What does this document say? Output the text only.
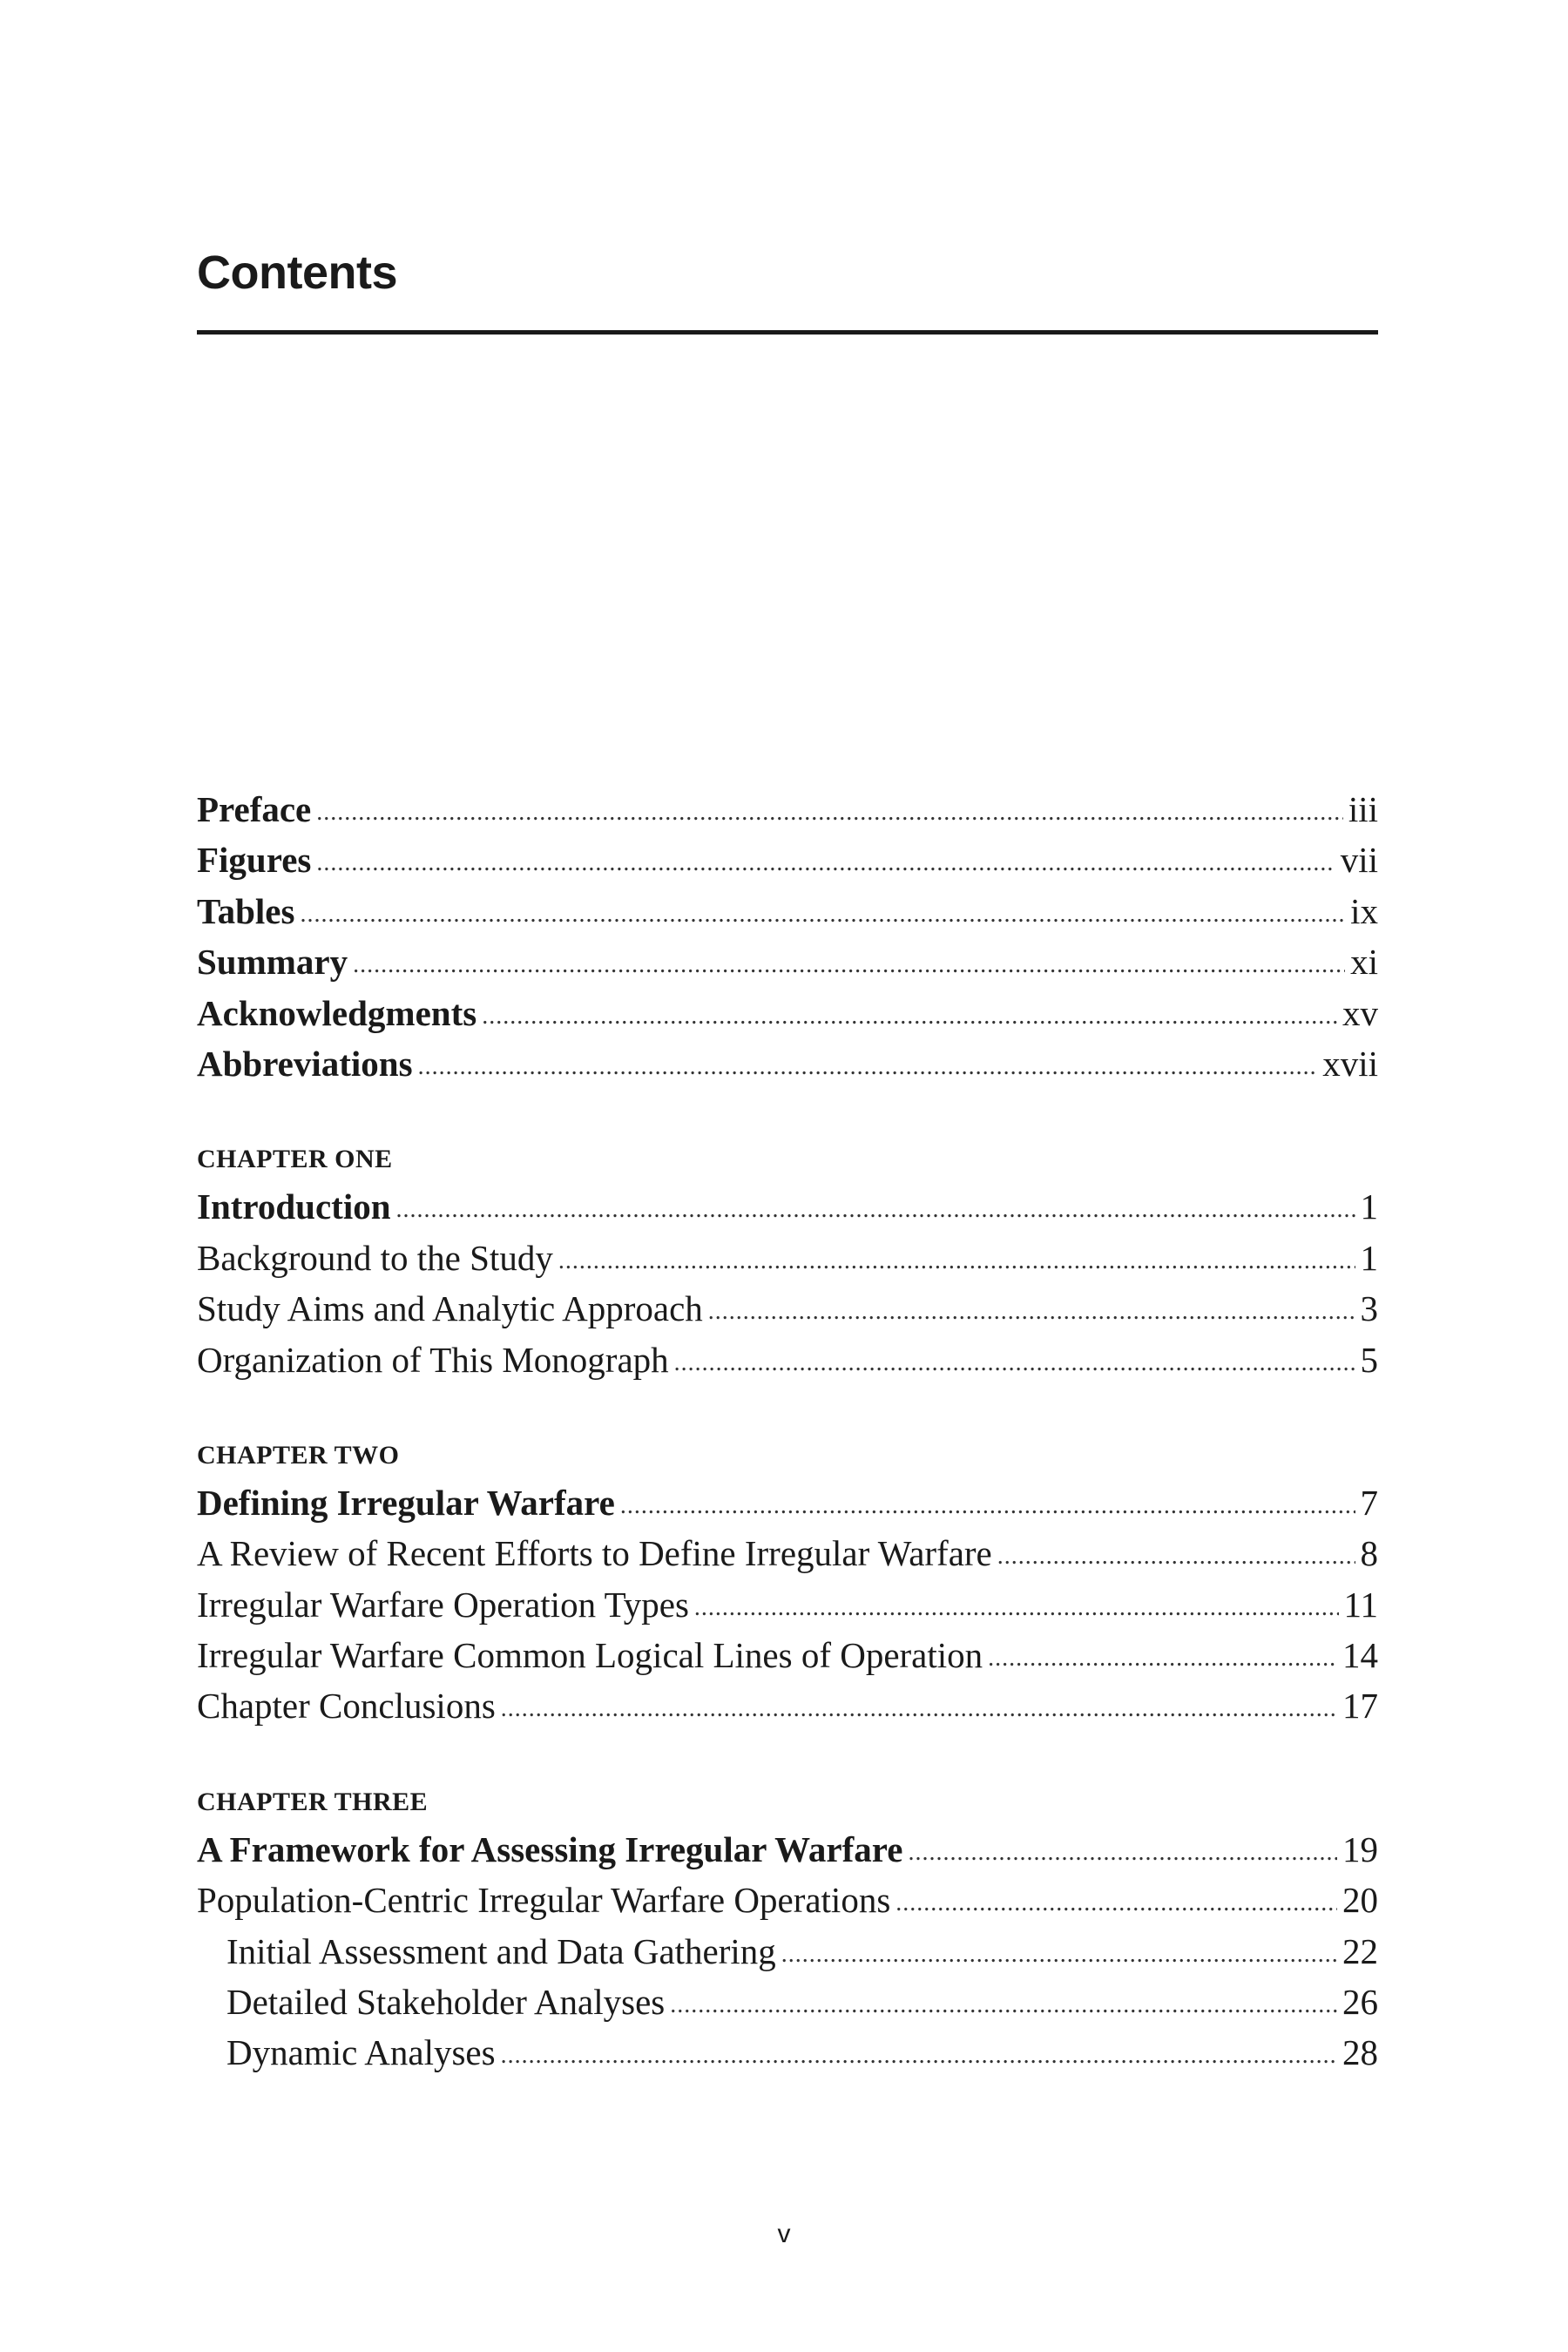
Contents
Preface . . .	iii
Figures . . .	vii
Tables . . .	ix
Summary . . .	xi
Acknowledgments . . .	xv
Abbreviations . . .	xvii
CHAPTER ONE
Introduction . . .	1
Background to the Study . . .	1
Study Aims and Analytic Approach . . .	3
Organization of This Monograph . . .	5
CHAPTER TWO
Defining Irregular Warfare . . .	7
A Review of Recent Efforts to Define Irregular Warfare . . .	8
Irregular Warfare Operation Types . . .	11
Irregular Warfare Common Logical Lines of Operation . . .	14
Chapter Conclusions . . .	17
CHAPTER THREE
A Framework for Assessing Irregular Warfare . . .	19
Population-Centric Irregular Warfare Operations . . .	20
Initial Assessment and Data Gathering . . .	22
Detailed Stakeholder Analyses . . .	26
Dynamic Analyses . . .	28
v
